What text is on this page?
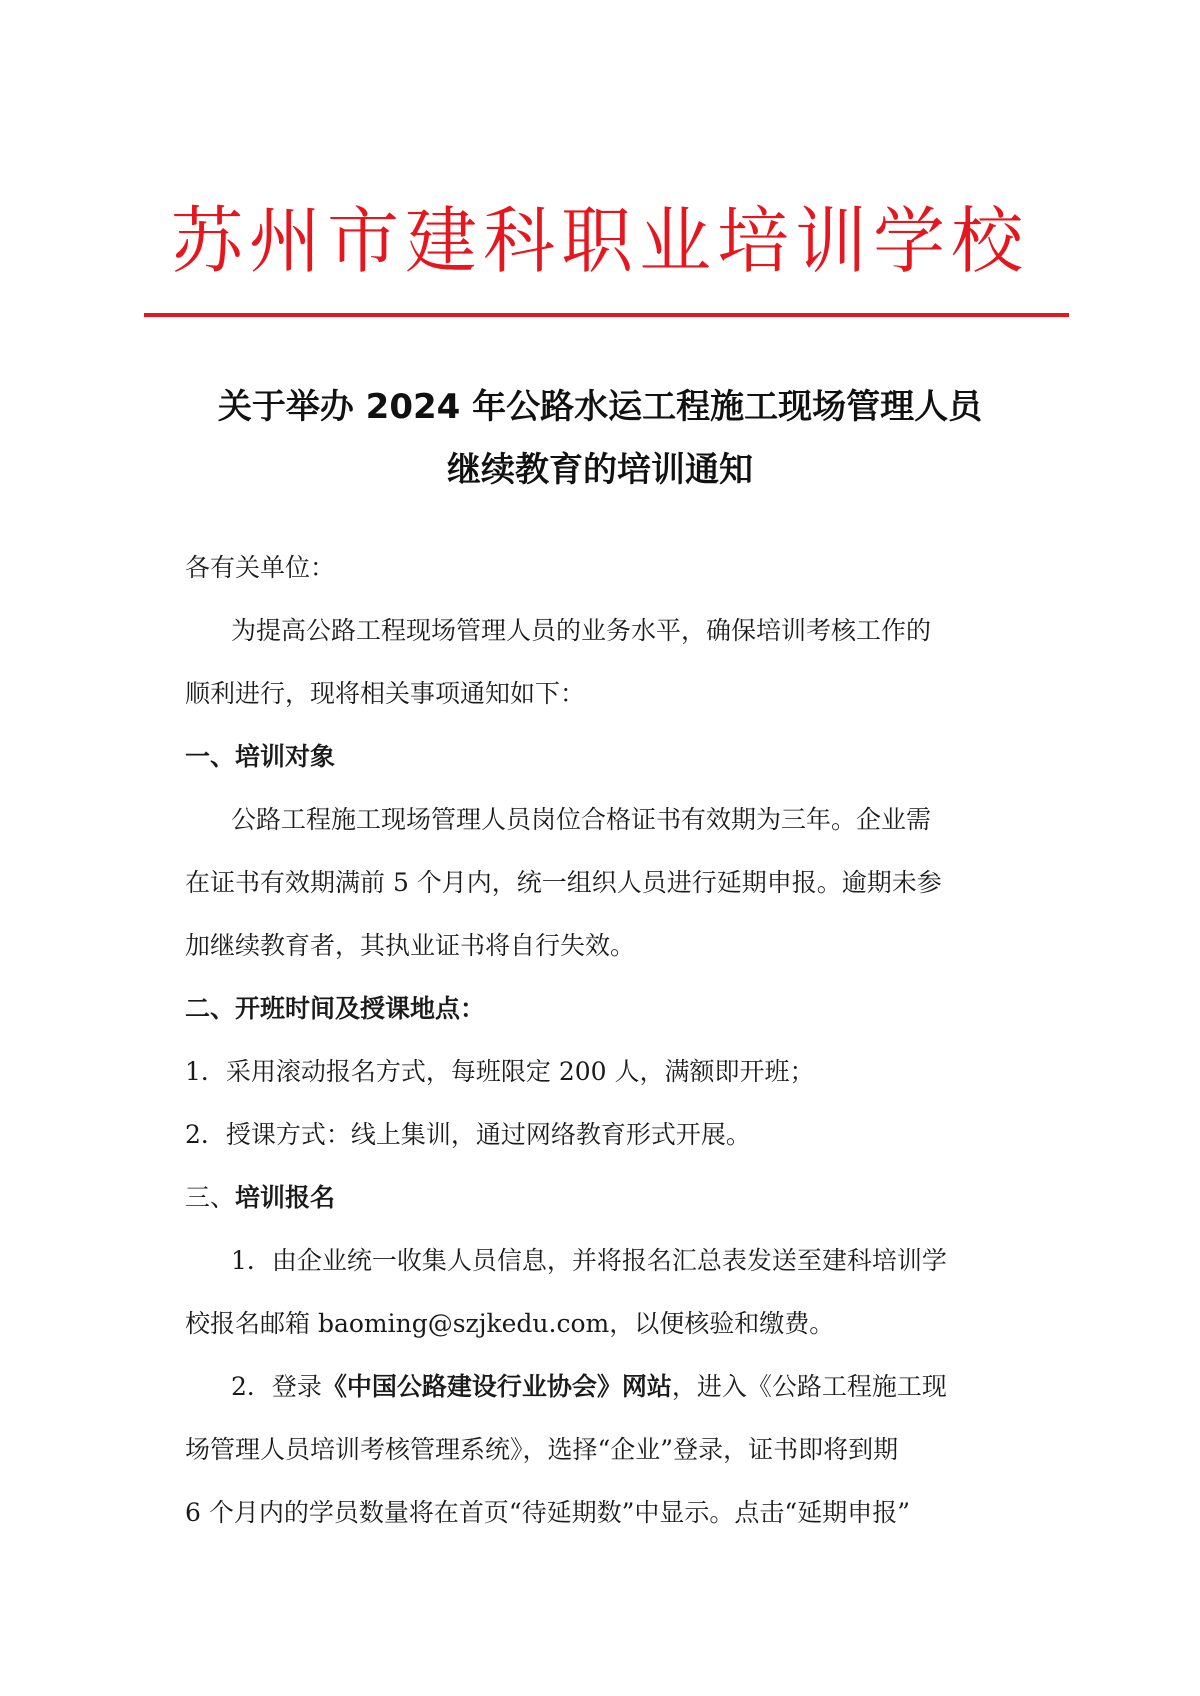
苏州市建科职业培训学校
关于举办 2024 年公路水运工程施工现场管理人员
继续教育的培训通知

各有关单位：

为提高公路工程现场管理人员的业务水平，确保培训考核工作的

顺利进行，现将相关事项通知如下：

一、培训对象

公路工程施工现场管理人员岗位合格证书有效期为三年。企业需

在证书有效期满前 5 个月内，统一组织人员进行延期申报。逾期未参

加继续教育者，其执业证书将自行失效。

二、开班时间及授课地点：

1．采用滚动报名方式，每班限定 200 人，满额即开班；

2．授课方式：线上集训，通过网络教育形式开展。

三、培训报名

1．由企业统一收集人员信息，并将报名汇总表发送至建科培训学

校报名邮箱 baoming@szjkedu.com，以便核验和缴费。

2．登录《中国公路建设行业协会》网站，进入《公路工程施工现

场管理人员培训考核管理系统》，选择“企业”登录，证书即将到期

6 个月内的学员数量将在首页“待延期数”中显示。点击“延期申报”
